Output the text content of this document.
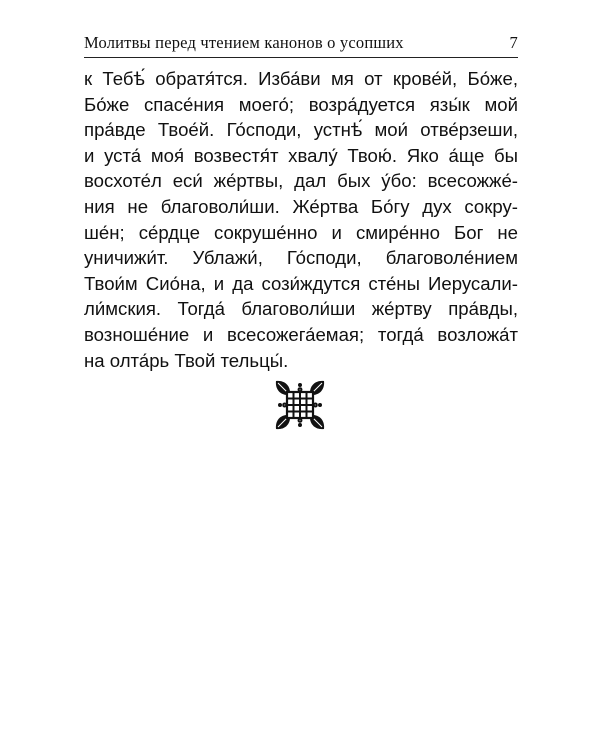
Молитвы перед чтением канонов о усопших	7
к Тебѣ́ обратя́тся. Изба́ви мя от крове́й, Бо́же,
Бо́же спасе́ния моего́; возра́дуется язы́к мой
пра́вде Твое́й. Го́споди, устнѣ́ мои́ отве́рзеши,
и уста́ моя́ возвестя́т хвалу́ Твою́. Яко а́ще бы
восхоте́л еси́ же́ртвы, дал бых у́бо: всесожже́-
ния не благоволи́ши. Же́ртва Бо́гу дух сокру-
ше́н; се́рдце сокруше́нно и смире́нно Бог не
уничижи́т. Ублажи́, Го́споди, благоволе́нием
Твои́м Сио́на, и да сози́ждутся сте́ны Иерусали-
ли́мския. Тогда́ благоволи́ши же́ртву пра́вды,
возноше́ние и всесожега́емая; тогда́ возложа́т
на олта́рь Твой тельцы́.
